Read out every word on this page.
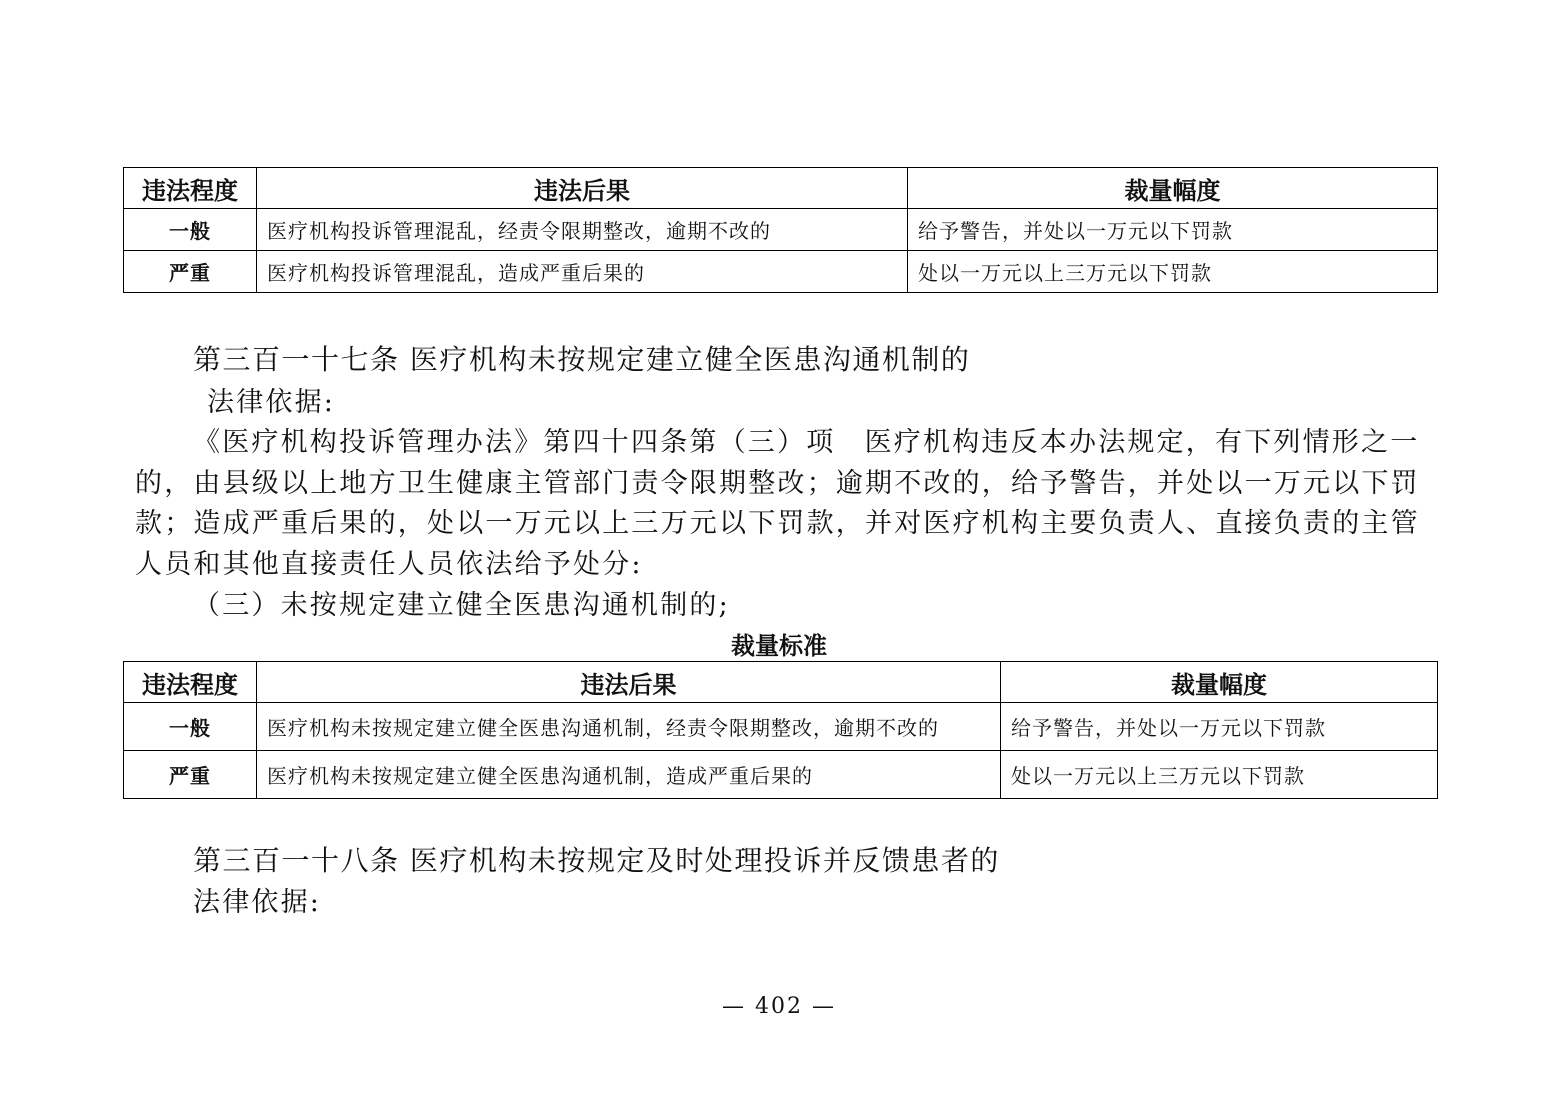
违法程度	违法后果	裁量幅度
一般	医疗机构投诉管理混乱，经责令限期整改，逾期不改的	给予警告，并处以一万元以下罚款
严重	医疗机构投诉管理混乱，造成严重后果的	处以一万元以上三万元以下罚款
第三百一十七条 医疗机构未按规定建立健全医患沟通机制的
法律依据:
《医疗机构投诉管理办法》第四十四条第（三）项　医疗机构违反本办法规定，有下列情形之一
的，由县级以上地方卫生健康主管部门责令限期整改；逾期不改的，给予警告，并处以一万元以下罚
款；造成严重后果的，处以一万元以上三万元以下罚款，并对医疗机构主要负责人、直接负责的主管
人员和其他直接责任人员依法给予处分:
（三）未按规定建立健全医患沟通机制的;
裁量标准
违法程度	违法后果	裁量幅度
一般	医疗机构未按规定建立健全医患沟通机制，经责令限期整改，逾期不改的	给予警告，并处以一万元以下罚款
严重	医疗机构未按规定建立健全医患沟通机制，造成严重后果的	处以一万元以上三万元以下罚款
第三百一十八条 医疗机构未按规定及时处理投诉并反馈患者的
法律依据:
— 402 —
